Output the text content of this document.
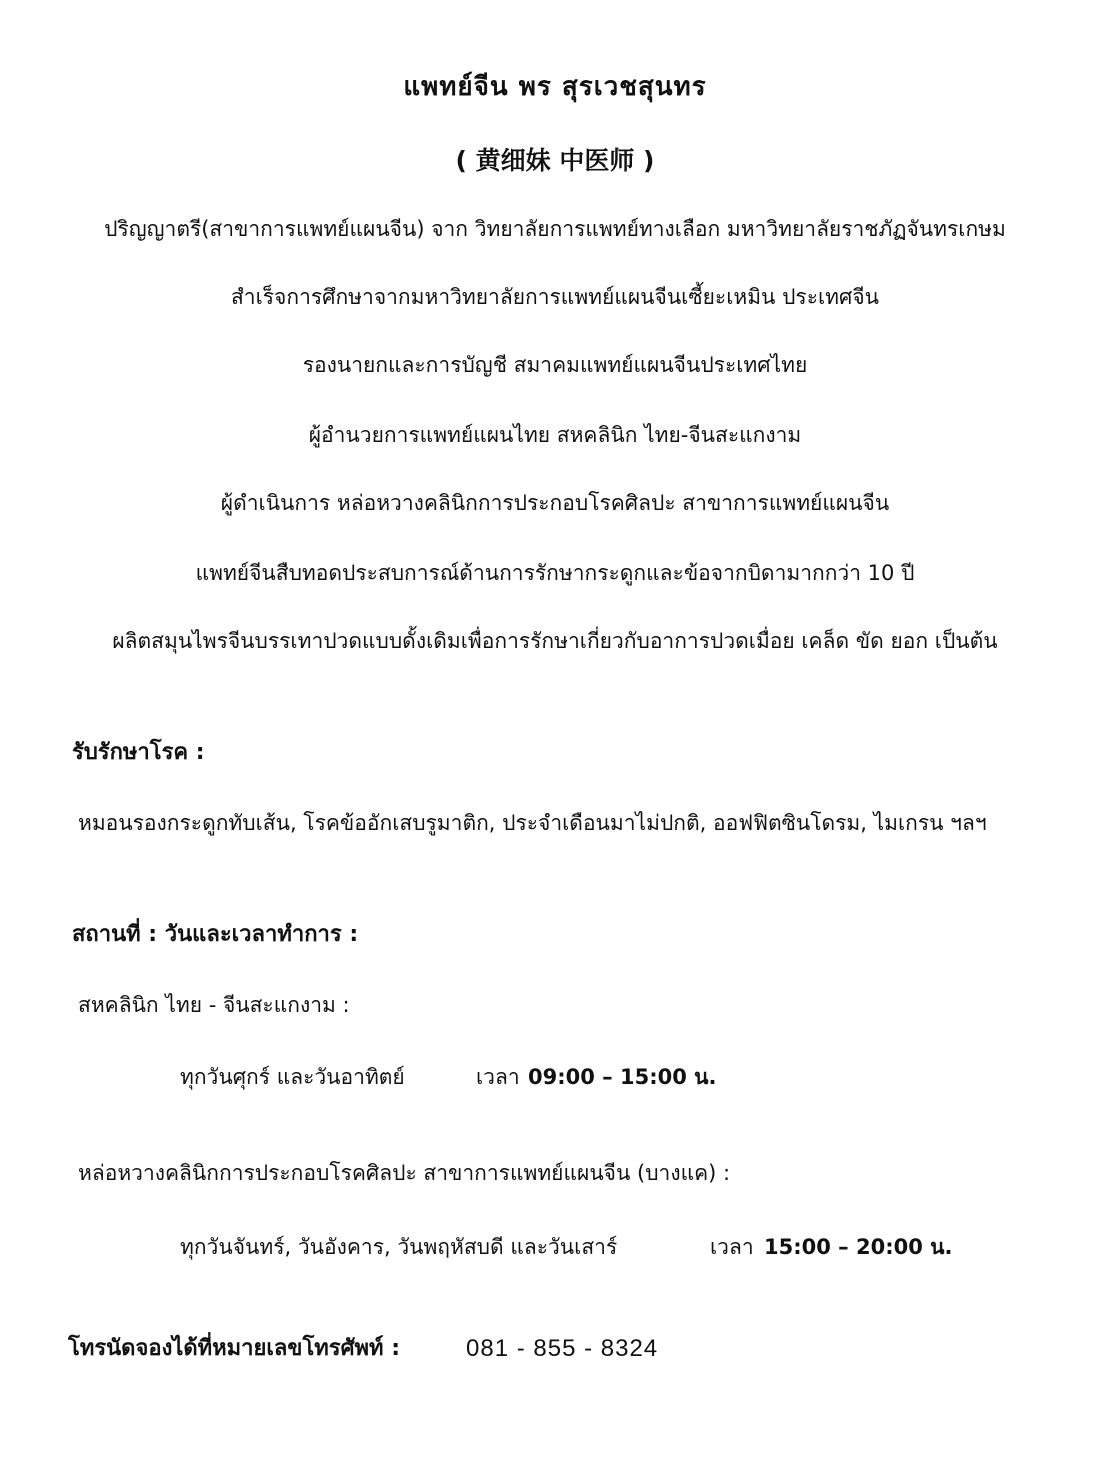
แพทย์จีน พร สุรเวชสุนทร
( 黄细妹 中医师 )
ปริญญาตรี(สาขาการแพทย์แผนจีน) จาก วิทยาลัยการแพทย์ทางเลือก มหาวิทยาลัยราชภัฏจันทรเกษม
สำเร็จการศึกษาจากมหาวิทยาลัยการแพทย์แผนจีนเซี้ยะเหมิน ประเทศจีน
รองนายกและการบัญชี สมาคมแพทย์แผนจีนประเทศไทย
ผู้อำนวยการแพทย์แผนไทย สหคลินิก ไทย-จีนสะแกงาม
ผู้ดำเนินการ หล่อหวางคลินิกการประกอบโรคศิลปะ สาขาการแพทย์แผนจีน
แพทย์จีนสืบทอดประสบการณ์ด้านการรักษากระดูกและข้อจากบิดามากกว่า 10 ปี
ผลิตสมุนไพรจีนบรรเทาปวดแบบดั้งเดิมเพื่อการรักษาเกี่ยวกับอาการปวดเมื่อย เคล็ด ขัด ยอก เป็นต้น
รับรักษาโรค :
หมอนรองกระดูกทับเส้น, โรคข้ออักเสบรูมาติก, ประจำเดือนมาไม่ปกติ, ออฟฟิตซินโดรม, ไมเกรน ฯลฯ
สถานที่ : วันและเวลาทำการ :
สหคลินิก ไทย - จีนสะแกงาม :
ทุกวันศุกร์ และวันอาทิตย์	เวลา 09:00 – 15:00 น.
หล่อหวางคลินิกการประกอบโรคศิลปะ สาขาการแพทย์แผนจีน (บางแค) :
ทุกวันจันทร์, วันอังคาร, วันพฤหัสบดี และวันเสาร์	เวลา 15:00 – 20:00 น.
โทรนัดจองได้ที่หมายเลขโทรศัพท์ :	081 - 855 - 8324
